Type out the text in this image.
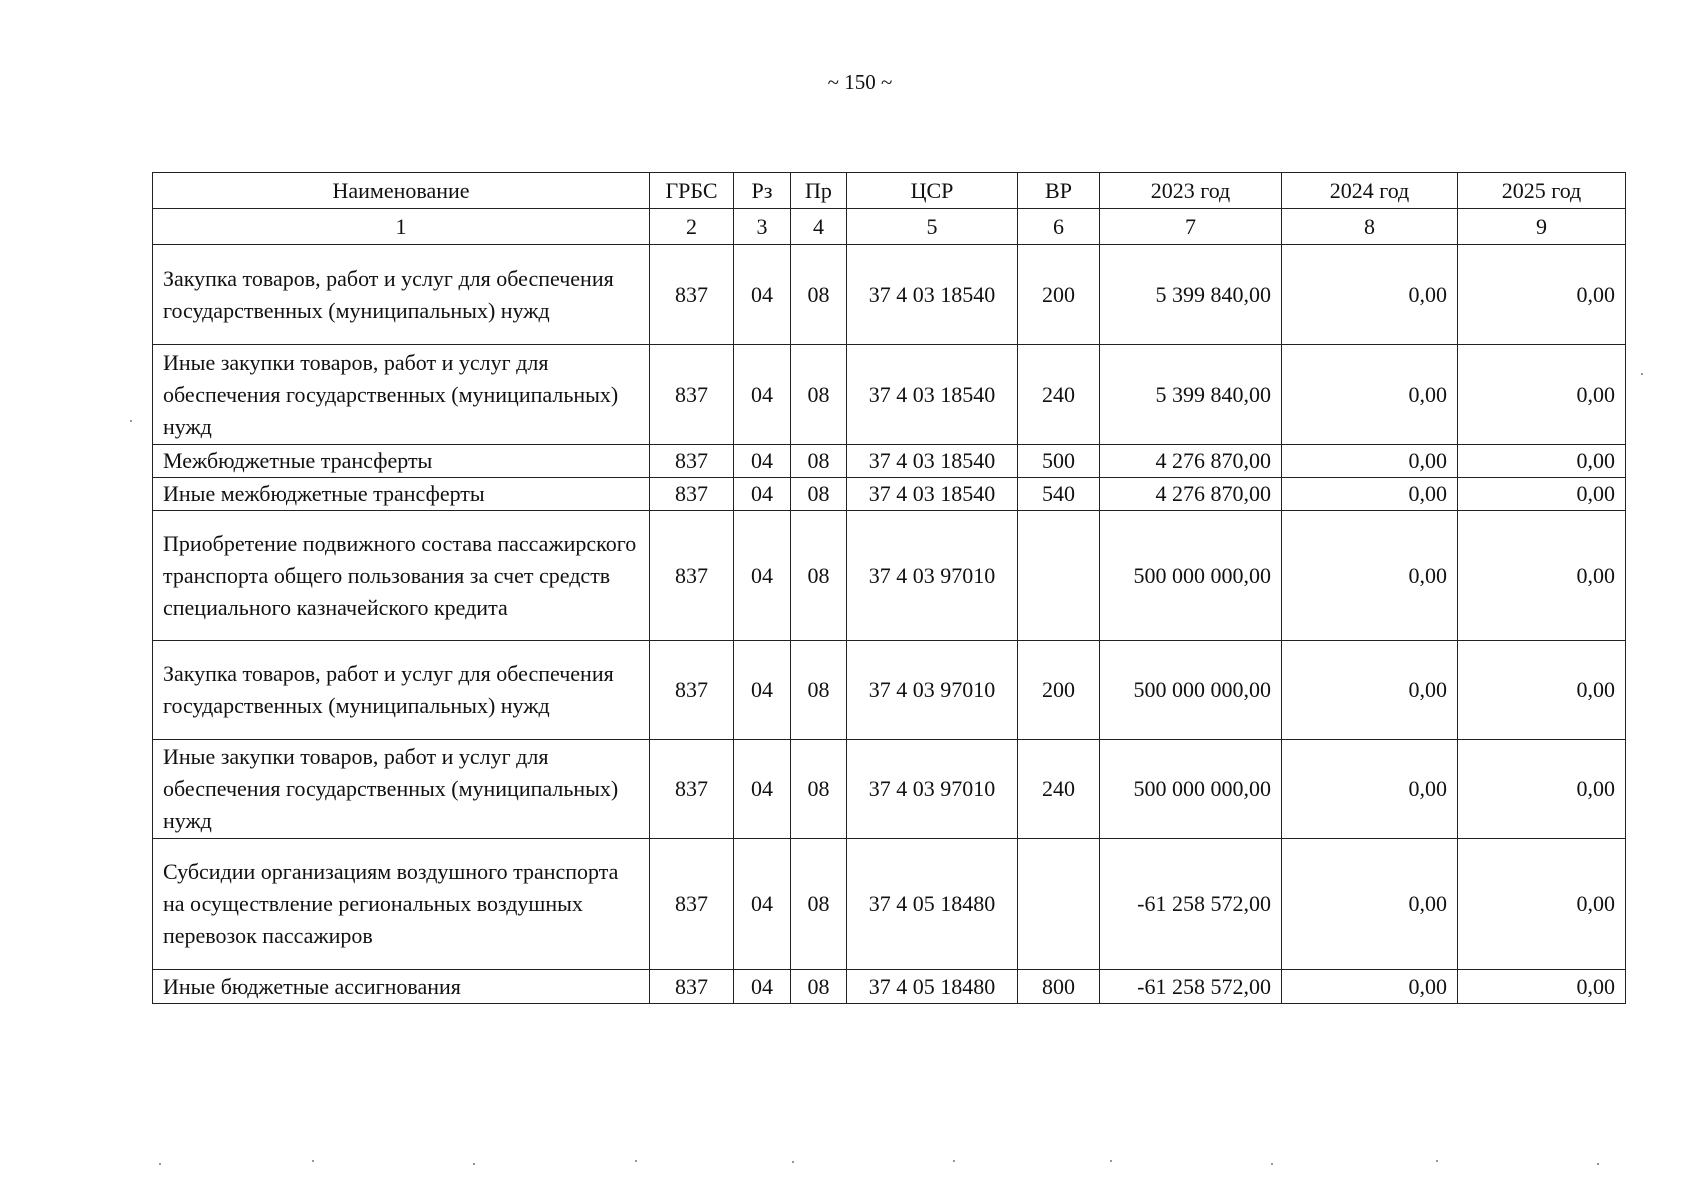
~ 150 ~
Наименование	ГРБС	Рз	Пр	ЦСР	ВР	2023 год	2024 год	2025 год
1	2	3	4	5	6	7	8	9
Закупка товаров, работ и услуг для обеспечения государственных (муниципальных) нужд	837	04	08	37 4 03 18540	200	5 399 840,00	0,00	0,00
Иные закупки товаров, работ и услуг для обеспечения государственных (муниципальных) нужд	837	04	08	37 4 03 18540	240	5 399 840,00	0,00	0,00
Межбюджетные трансферты	837	04	08	37 4 03 18540	500	4 276 870,00	0,00	0,00
Иные межбюджетные трансферты	837	04	08	37 4 03 18540	540	4 276 870,00	0,00	0,00
Приобретение подвижного состава пассажирского транспорта общего пользования за счет средств специального казначейского кредита	837	04	08	37 4 03 97010		500 000 000,00	0,00	0,00
Закупка товаров, работ и услуг для обеспечения государственных (муниципальных) нужд	837	04	08	37 4 03 97010	200	500 000 000,00	0,00	0,00
Иные закупки товаров, работ и услуг для обеспечения государственных (муниципальных) нужд	837	04	08	37 4 03 97010	240	500 000 000,00	0,00	0,00
Субсидии организациям воздушного транспорта на осуществление региональных воздушных перевозок пассажиров	837	04	08	37 4 05 18480		-61 258 572,00	0,00	0,00
Иные бюджетные ассигнования	837	04	08	37 4 05 18480	800	-61 258 572,00	0,00	0,00
